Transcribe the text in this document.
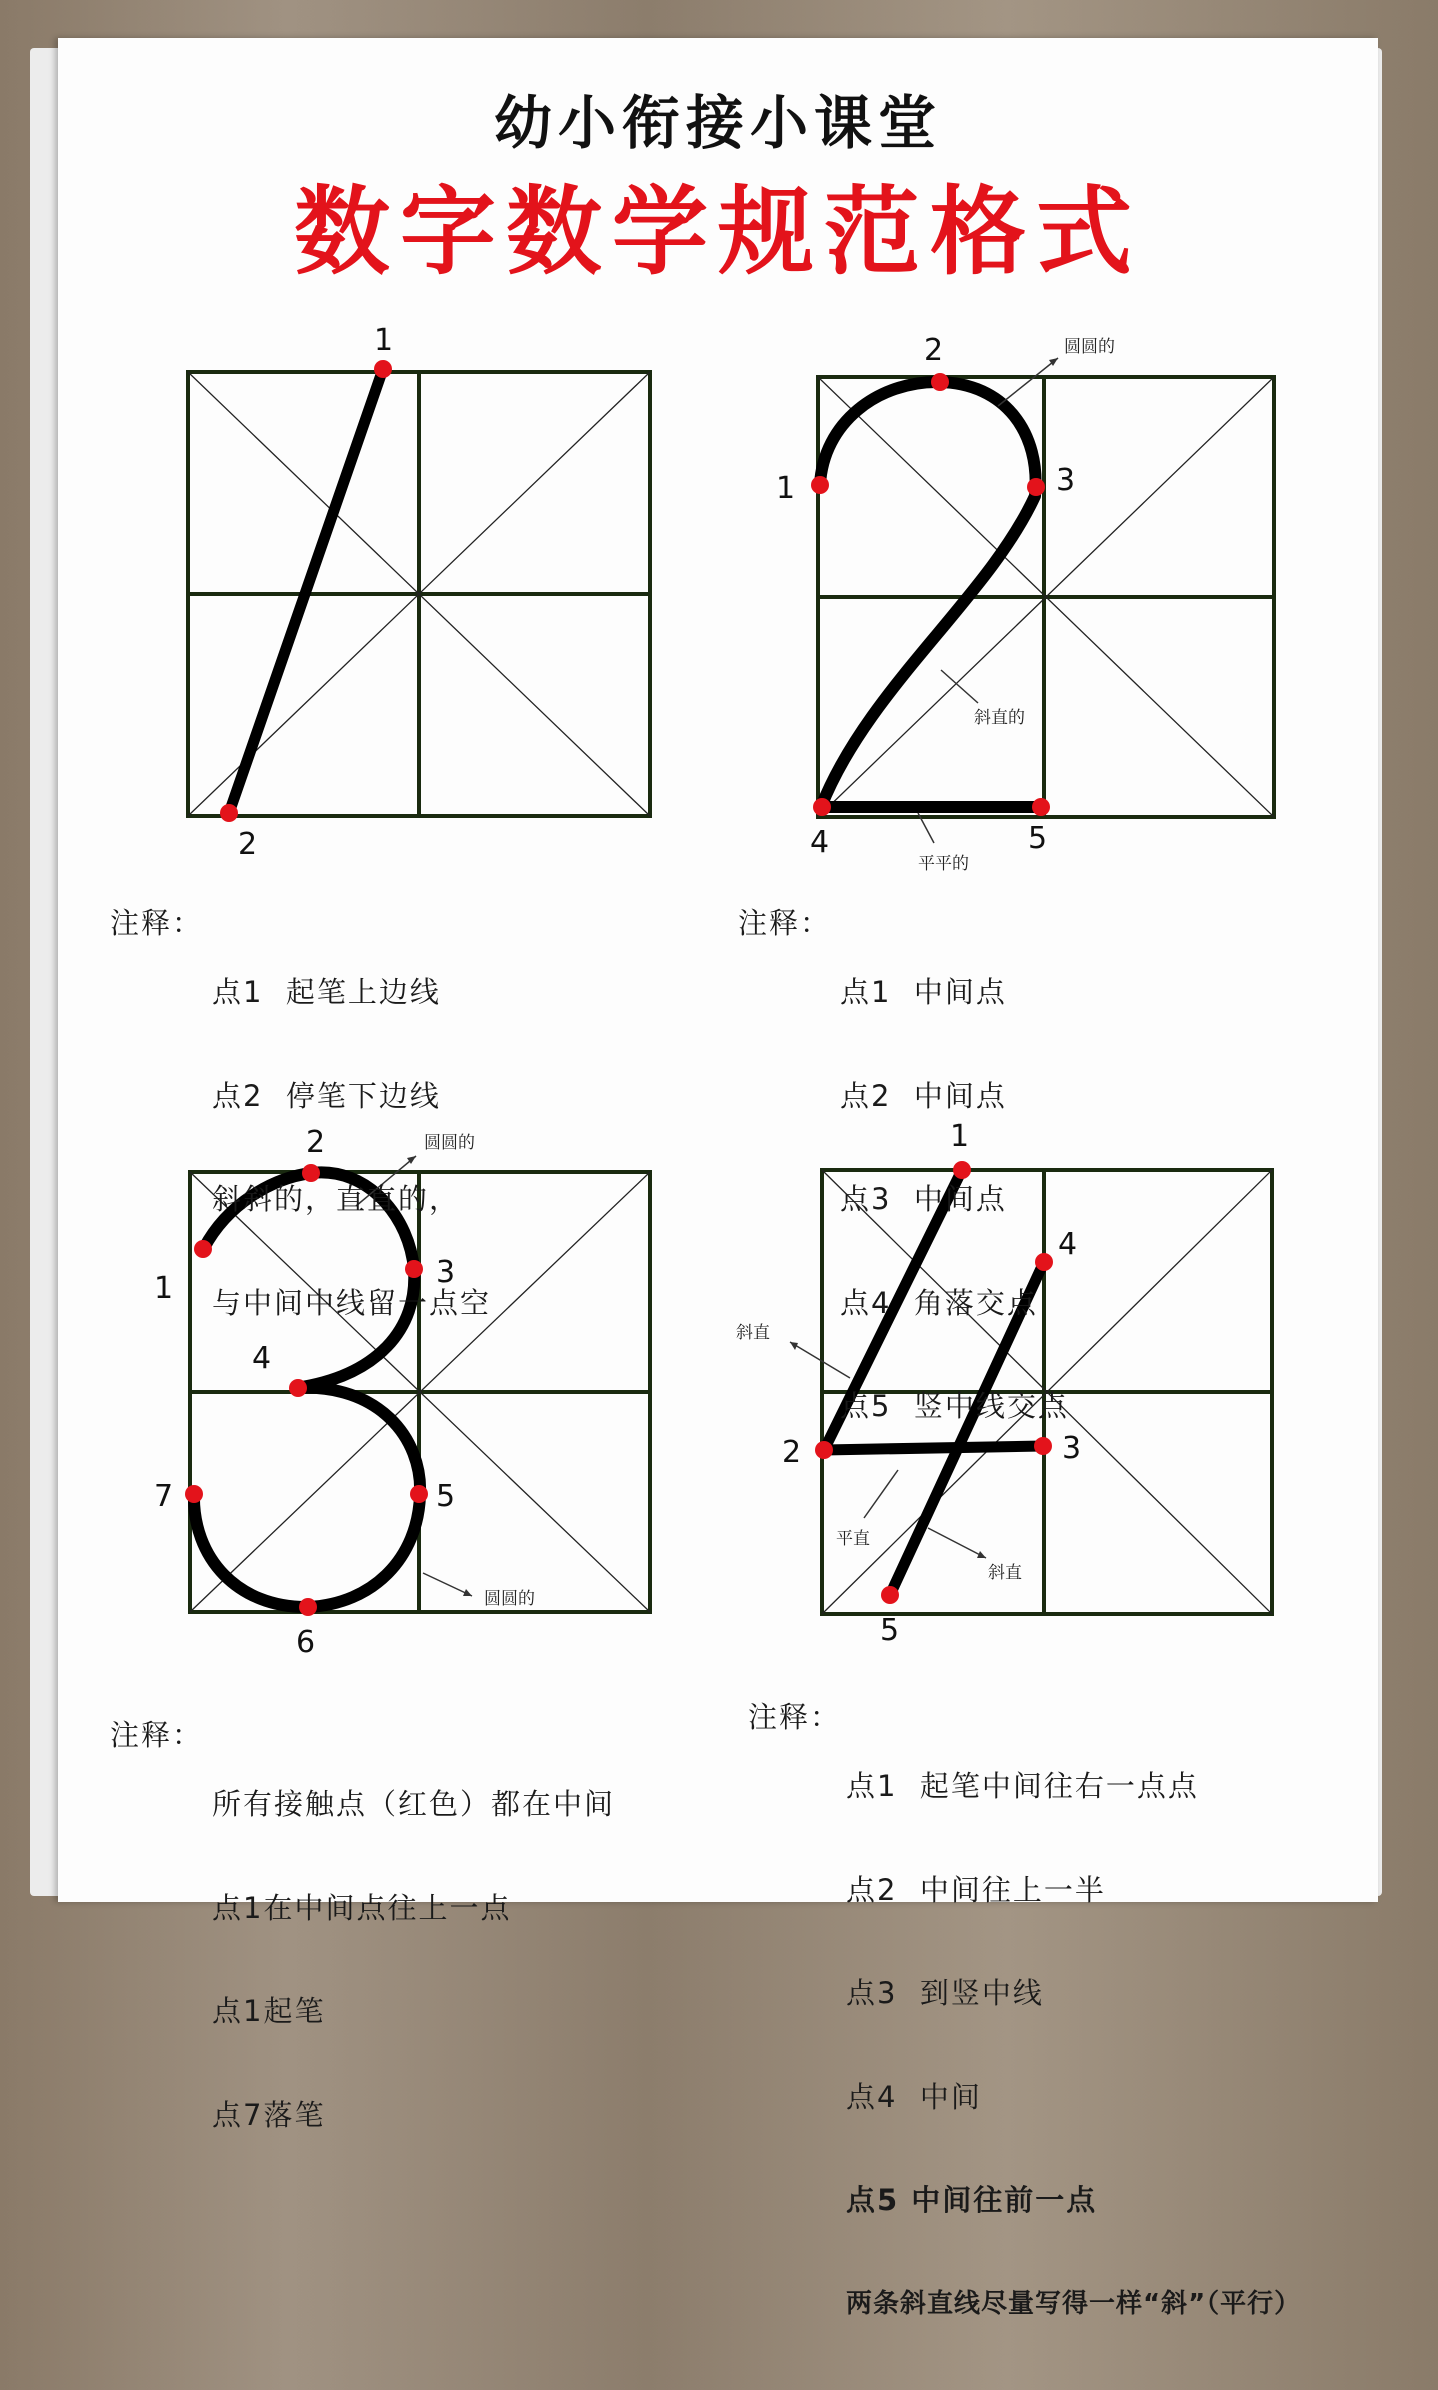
幼小衔接小课堂
数字数学规范格式
1
2
1
2
3
4	5
圆圆的
斜直的
平平的
1
2
3
4
5
6
7
圆圆的
圆圆的
1
2	3
4
5
斜直
平直
斜直

注释：

点1  起笔上边线

点2  停笔下边线

斜斜的，直直的，

与中间中线留一点空

注释：

点1  中间点

点2  中间点

点3  中间点

点4  角落交点

点5  竖中线交点

注释：

所有接触点（红色）都在中间

点1在中间点往上一点

点1起笔

点7落笔

注释：

点1  起笔中间往右一点点

点2  中间往上一半

点3  到竖中线

点4  中间

点5 中间往前一点

两条斜直线尽量写得一样“斜”（平行）
